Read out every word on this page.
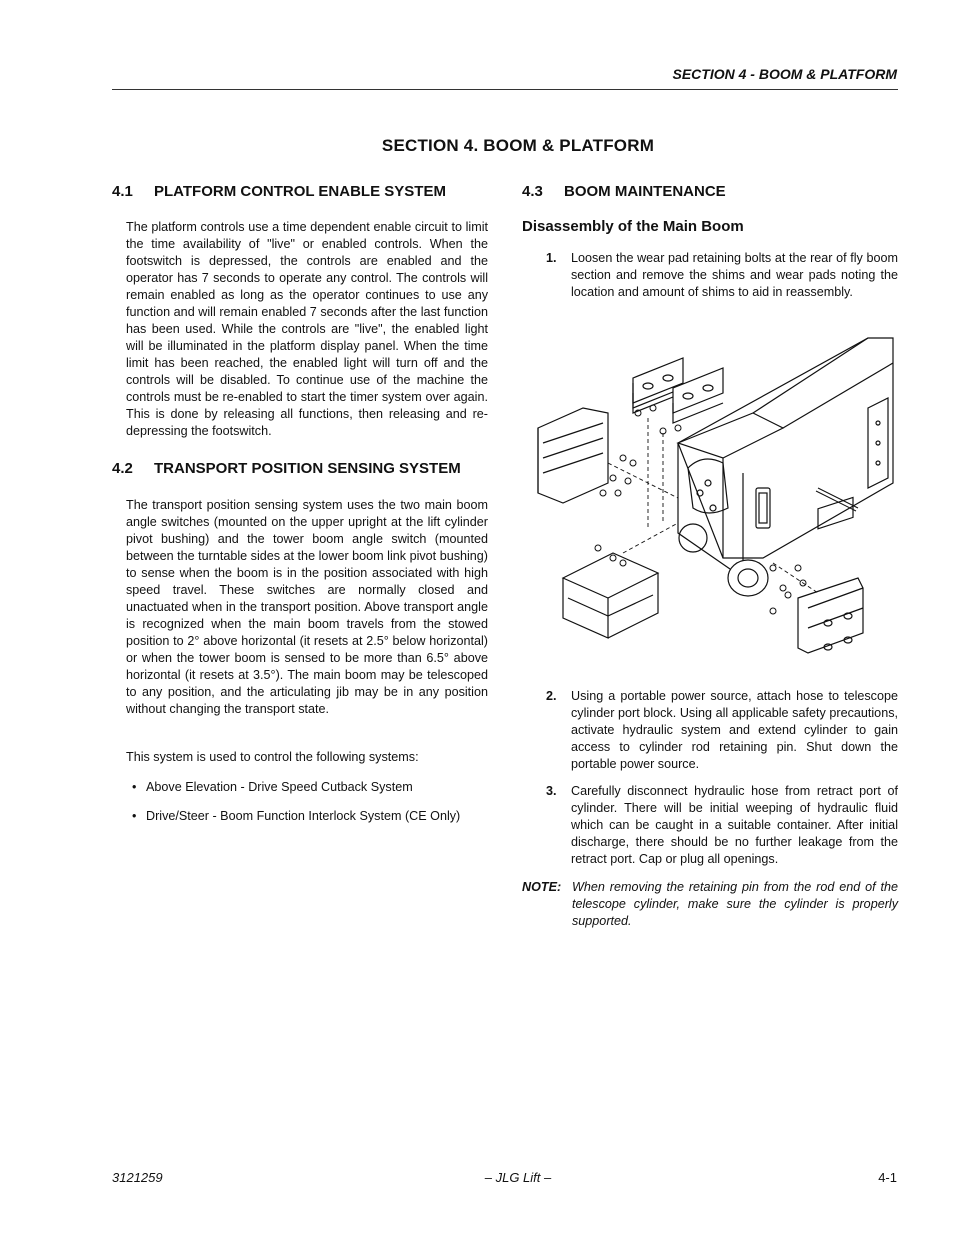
SECTION 4 - BOOM & PLATFORM
SECTION 4. BOOM & PLATFORM
4.1 PLATFORM CONTROL ENABLE SYSTEM

The platform controls use a time dependent enable circuit to limit the time availability of "live" or enabled controls. When the footswitch is depressed, the controls are enabled and the operator has 7 seconds to operate any control. The controls will remain enabled as long as the operator continues to use any function and will remain enabled 7 seconds after the last function has been used. While the controls are "live", the enabled light will be illuminated in the platform display panel. When the time limit has been reached, the enabled light will turn off and the controls will be disabled. To continue use of the machine the controls must be re-enabled to start the timer system over again. This is done by releasing all functions, then releasing and re-depressing the footswitch.

4.2 TRANSPORT POSITION SENSING SYSTEM

The transport position sensing system uses the two main boom angle switches (mounted on the upper upright at the lift cylinder pivot bushing) and the tower boom angle switch (mounted between the turntable sides at the lower boom link pivot bushing) to sense when the boom is in the position associated with high speed travel. These switches are normally closed and unactuated when in the transport position. Above transport angle is recognized when the main boom travels from the stowed position to 2° above horizontal (it resets at 2.5° below horizontal) or when the tower boom is sensed to be more than 6.5° above horizontal (it resets at 3.5°). The main boom may be telescoped to any position, and the articulating jib may be in any position without changing the transport state.

This system is used to control the following systems:

• Above Elevation - Drive Speed Cutback System
• Drive/Steer - Boom Function Interlock System (CE Only)
4.3 BOOM MAINTENANCE
Disassembly of the Main Boom
1. Loosen the wear pad retaining bolts at the rear of fly boom section and remove the shims and wear pads noting the location and amount of shims to aid in reassembly.
2. Using a portable power source, attach hose to telescope cylinder port block. Using all applicable safety precautions, activate hydraulic system and extend cylinder to gain access to cylinder rod retaining pin. Shut down the portable power source.
3. Carefully disconnect hydraulic hose from retract port of cylinder. There will be initial weeping of hydraulic fluid which can be caught in a suitable container. After initial discharge, there should be no further leakage from the retract port. Cap or plug all openings.
NOTE: When removing the retaining pin from the rod end of the telescope cylinder, make sure the cylinder is properly supported.
3121259	– JLG Lift –	4-1
